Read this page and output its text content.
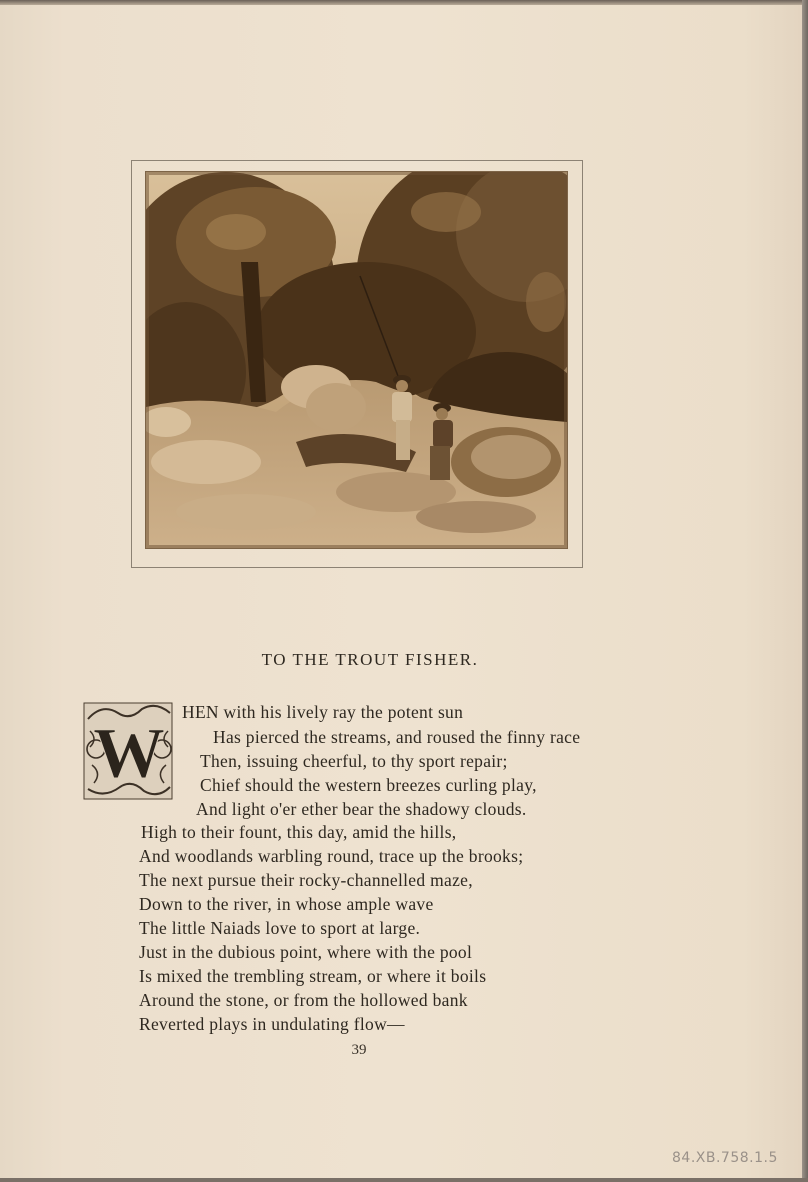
TO THE TROUT FISHER.
W
HEN with his lively ray the potent sun
Has pierced the streams, and roused the finny race
Then, issuing cheerful, to thy sport repair;
Chief should the western breezes curling play,
And light o'er ether bear the shadowy clouds.
High to their fount, this day, amid the hills,
And woodlands warbling round, trace up the brooks;
The next pursue their rocky-channelled maze,
Down to the river, in whose ample wave
The little Naiads love to sport at large.
Just in the dubious point, where with the pool
Is mixed the trembling stream, or where it boils
Around the stone, or from the hollowed bank
Reverted plays in undulating flow—
39
84.XB.758.1.5
